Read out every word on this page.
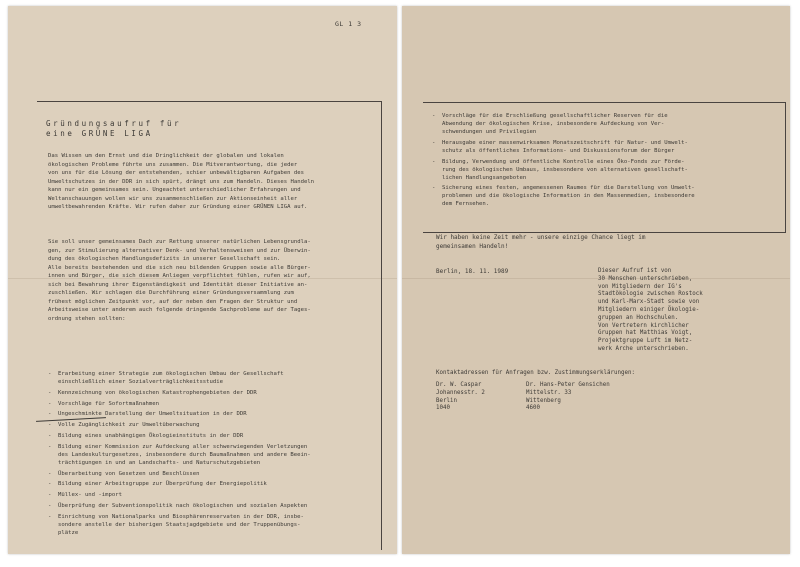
GL 1 3
Gründungsaufruf für
eine GRÜNE LIGA
Das Wissen um den Ernst und die Dringlichkeit der globalen und lokalen
ökologischen Probleme führte uns zusammen. Die Mitverantwortung, die jeder
von uns für die Lösung der entstehenden, schier unbewältigbaren Aufgaben des
Umweltschutzes in der DDR in sich spürt, drängt uns zum Handeln. Dieses Handeln
kann nur ein gemeinsames sein. Ungeachtet unterschiedlicher Erfahrungen und
Weltanschauungen wollen wir uns zusammenschließen zur Aktionseinheit aller
umweltbewahrenden Kräfte. Wir rufen daher zur Gründung einer GRÜNEN LIGA auf.
Sie soll unser gemeinsames Dach zur Rettung unserer natürlichen Lebensgrundla-
gen, zur Stimulierung alternativer Denk- und Verhaltensweisen und zur Überwin-
dung des ökologischen Handlungsdefizits in unserer Gesellschaft sein.
Alle bereits bestehenden und die sich neu bildenden Gruppen sowie alle Bürger-
innen und Bürger, die sich diesem Anliegen verpflichtet fühlen, rufen wir auf,
sich bei Bewahrung ihrer Eigenständigkeit und Identität dieser Initiative an-
zuschließen. Wir schlagen die Durchführung einer Gründungsversammlung zum
frühest möglichen Zeitpunkt vor, auf der neben den Fragen der Struktur und
Arbeitsweise unter anderem auch folgende dringende Sachprobleme auf der Tages-
ordnung stehen sollten:
- Erarbeitung einer Strategie zum ökologischen Umbau der Gesellschaft
einschließlich einer Sozialverträglichkeitsstudie
- Kennzeichnung von ökologischen Katastrophengebieten der DDR
- Vorschläge für Sofortmaßnahmen
- Ungeschminkte Darstellung der Umweltsituation in der DDR
- Volle Zugänglichkeit zur Umweltüberwachung
- Bildung eines unabhängigen Ökologieinstituts in der DDR
- Bildung einer Kommission zur Aufdeckung aller schwerwiegenden Verletzungen
des Landeskulturgesetzes, insbesondere durch Baumaßnahmen und andere Beein-
trächtigungen in und an Landschafts- und Naturschutzgebieten
- Überarbeitung von Gesetzen und Beschlüssen
- Bildung einer Arbeitsgruppe zur Überprüfung der Energiepolitik
- Müllex- und -import
- Überprüfung der Subventionspolitik nach ökologischen und sozialen Aspekten
- Einrichtung von Nationalparks und Biosphärenreservaten in der DDR, insbe-
sondere anstelle der bisherigen Staatsjagdgebiete und der Truppenübungs-
plätze
- Vorschläge für die Erschließung gesellschaftlicher Reserven für die
Abwendung der ökologischen Krise, insbesondere Aufdeckung von Ver-
schwendungen und Privilegien
- Herausgabe einer massenwirksamen Monatszeitschrift für Natur- und Umwelt-
schutz als öffentliches Informations- und Diskussionsforum der Bürger
- Bildung, Verwendung und öffentliche Kontrolle eines Öko-Fonds zur Förde-
rung des ökologischen Umbaus, insbesondere von alternativen gesellschaft-
lichen Handlungsangeboten
- Sicherung eines festen, angemessenen Raumes für die Darstellung von Umwelt-
problemen und die ökologische Information in den Massenmedien, insbesondere
dem Fernsehen.
Wir haben keine Zeit mehr - unsere einzige Chance liegt im
gemeinsamen Handeln!
Berlin, 18. 11. 1989	Dieser Aufruf ist von
30 Menschen unterschrieben,
von Mitgliedern der IG's
Stadtökologie zwischen Rostock
und Karl-Marx-Stadt sowie von
Mitgliedern einiger Ökologie-
gruppen an Hochschulen.
Von Vertretern kirchlicher
Gruppen hat Matthias Voigt,
Projektgruppe Luft im Netz-
werk Arche unterschrieben.
Kontaktadressen für Anfragen bzw. Zustimmungserklärungen:
Dr. W. Caspar
Johannesstr. 2
Berlin
1040
Dr. Hans-Peter Gensichen
Mittelstr. 33
Wittenberg
4600
